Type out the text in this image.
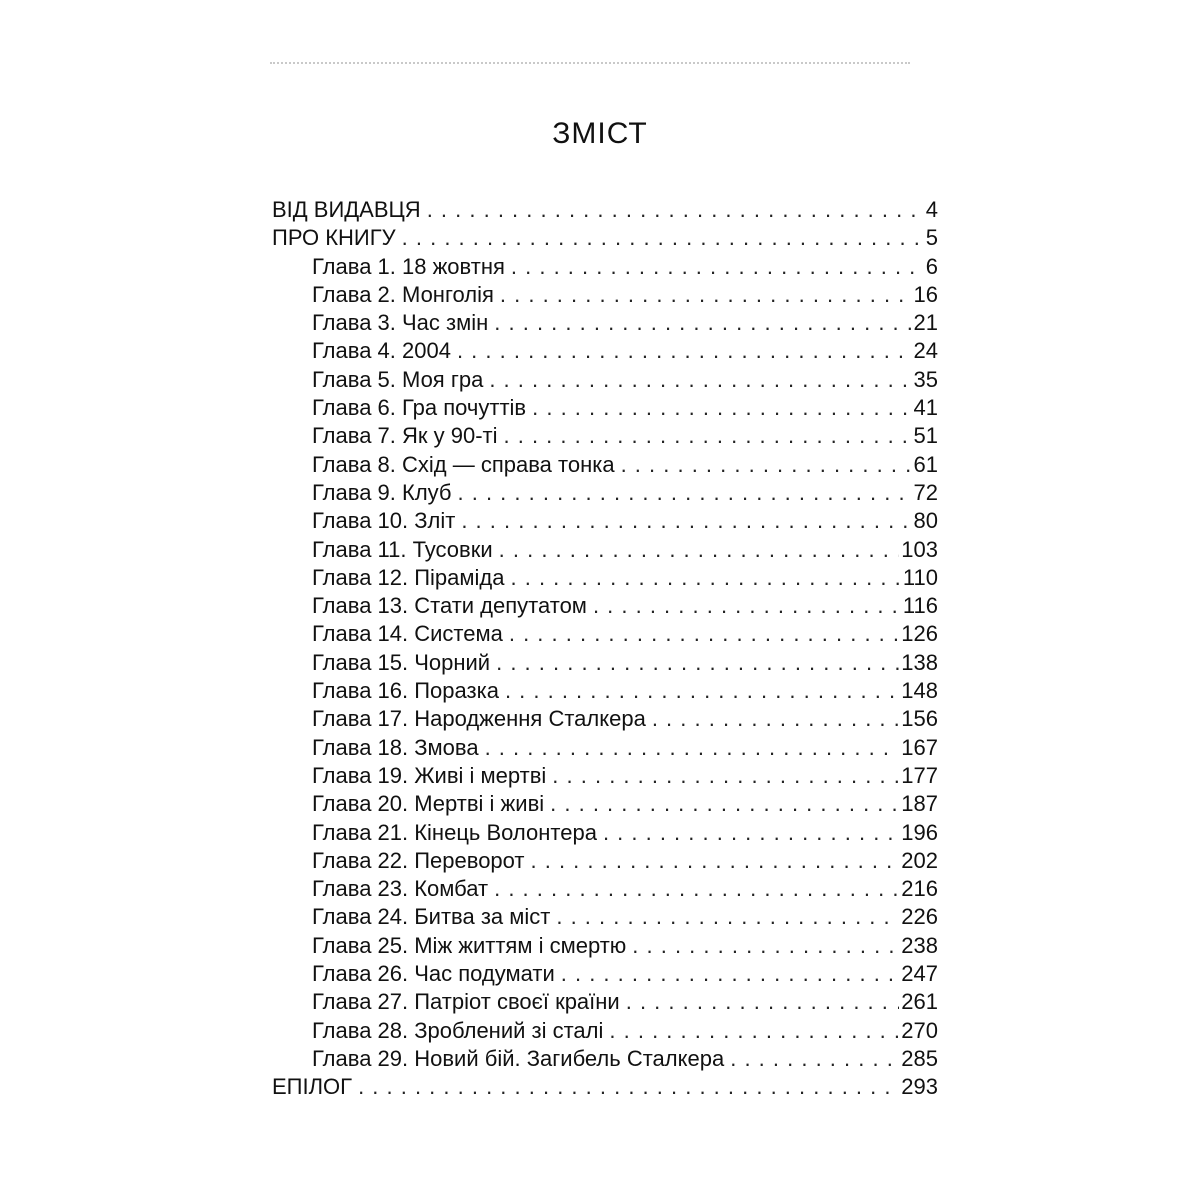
ЗМІСТ
ВІД ВИДАВЦЯ . . .	4
ПРО КНИГУ . . .	5
Глава 1. 18 жовтня . . .	6
Глава 2. Монголія . . .	16
Глава 3. Час змін . . .	21
Глава 4. 2004 . . .	24
Глава 5. Моя гра . . .	35
Глава 6. Гра почуттів . . .	41
Глава 7. Як у 90-ті . . .	51
Глава 8. Схід — справа тонка . . .	61
Глава 9. Клуб . . .	72
Глава 10. Зліт . . .	80
Глава 11. Тусовки . . .	103
Глава 12. Піраміда . . .	110
Глава 13. Стати депутатом . . .	116
Глава 14. Система . . .	126
Глава 15. Чорний . . .	138
Глава 16. Поразка . . .	148
Глава 17. Народження Сталкера . . .	156
Глава 18. Змова . . .	167
Глава 19. Живі і мертві . . .	177
Глава 20. Мертві і живі . . .	187
Глава 21. Кінець Волонтера . . .	196
Глава 22. Переворот . . .	202
Глава 23. Комбат . . .	216
Глава 24. Битва за міст . . .	226
Глава 25. Між життям і смертю . . .	238
Глава 26. Час подумати . . .	247
Глава 27. Патріот своєї країни . . .	261
Глава 28. Зроблений зі сталі . . .	270
Глава 29. Новий бій. Загибель Сталкера . . .	285
ЕПІЛОГ . . .	293
